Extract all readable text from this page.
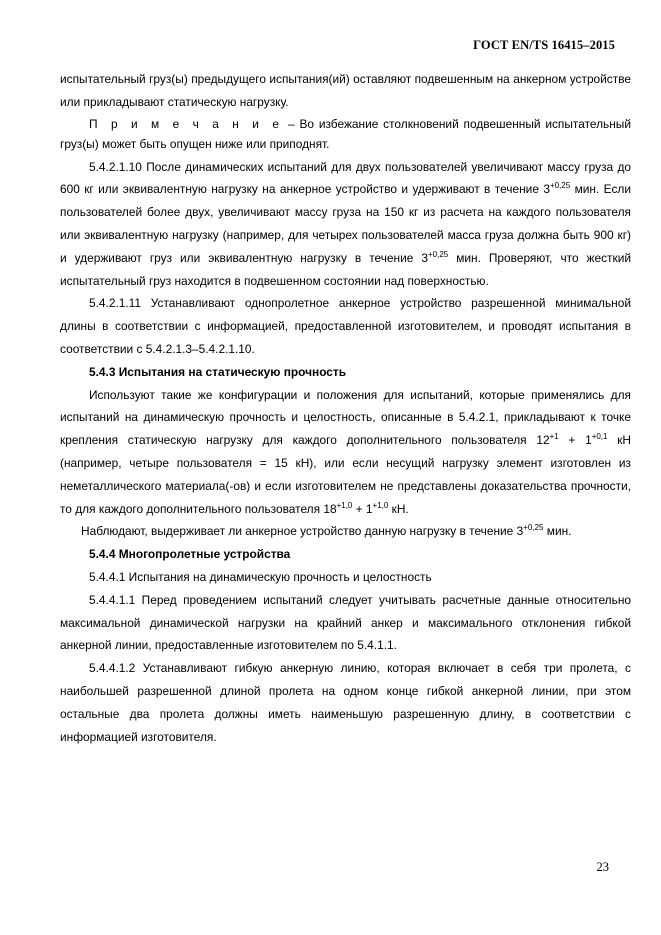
ГОСТ EN/TS 16415–2015

испытательный груз(ы) предыдущего испытания(ий) оставляют подвешенным на анкерном устройстве или прикладывают статическую нагрузку.

П р и м е ч а н и е – Во избежание столкновений подвешенный испытательный груз(ы) может быть опущен ниже или приподнят.

5.4.2.1.10 После динамических испытаний для двух пользователей увеличивают массу груза до 600 кг или эквивалентную нагрузку на анкерное устройство и удерживают в течение $3^{+0,25}$ мин. Если пользователей более двух, увеличивают массу груза на 150 кг из расчета на каждого пользователя или эквивалентную нагрузку (например, для четырех пользователей масса груза должна быть 900 кг) и удерживают груз или эквивалентную нагрузку в течение $3^{+0,25}$ мин. Проверяют, что жесткий испытательный груз находится в подвешенном состоянии над поверхностью.

5.4.2.1.11 Устанавливают однопролетное анкерное устройство разрешенной минимальной длины в соответствии с информацией, предоставленной изготовителем, и проводят испытания в соответствии с 5.4.2.1.3–5.4.2.1.10.

5.4.3 Испытания на статическую прочность

Используют такие же конфигурации и положения для испытаний, которые применялись для испытаний на динамическую прочность и целостность, описанные в 5.4.2.1, прикладывают к точке крепления статическую нагрузку для каждого дополнительного пользователя $12^{+1} + 1^{+0,1}$ кН (например, четыре пользователя = 15 кН), или если несущий нагрузку элемент изготовлен из неметаллического материала(-ов) и если изготовителем не представлены доказательства прочности, то для каждого дополнительного пользователя $18^{+1,0} + 1^{+1,0}$ кН.

Наблюдают, выдерживает ли анкерное устройство данную нагрузку в течение $3^{+0,25}$ мин.

5.4.4 Многопролетные устройства

5.4.4.1 Испытания на динамическую прочность и целостность

5.4.4.1.1 Перед проведением испытаний следует учитывать расчетные данные относительно максимальной динамической нагрузки на крайний анкер и максимального отклонения гибкой анкерной линии, предоставленные изготовителем по 5.4.1.1.

5.4.4.1.2 Устанавливают гибкую анкерную линию, которая включает в себя три пролета, с наибольшей разрешенной длиной пролета на одном конце гибкой анкерной линии, при этом остальные два пролета должны иметь наименьшую разрешенную длину, в соответствии с информацией изготовителя.

23
